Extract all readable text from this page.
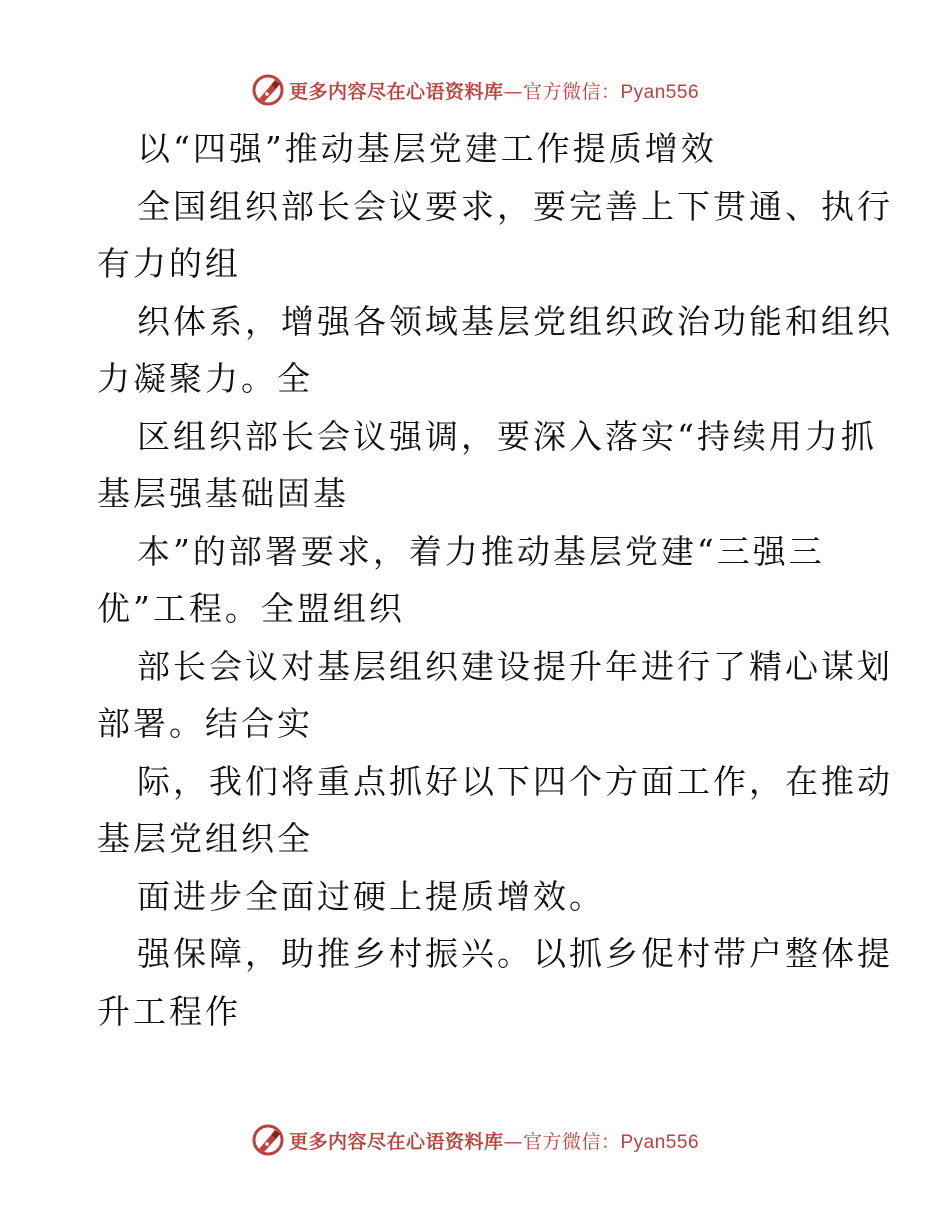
更多内容尽在心语资料库—官方微信：Pyan556
以“四强”推动基层党建工作提质增效
全国组织部长会议要求，要完善上下贯通、执行
有力的组
织体系，增强各领域基层党组织政治功能和组织
力凝聚力。全
区组织部长会议强调，要深入落实“持续用力抓
基层强基础固基
本”的部署要求，着力推动基层党建“三强三
优”工程。全盟组织
部长会议对基层组织建设提升年进行了精心谋划
部署。结合实
际，我们将重点抓好以下四个方面工作，在推动
基层党组织全
面进步全面过硬上提质增效。
强保障，助推乡村振兴。以抓乡促村带户整体提
升工程作
更多内容尽在心语资料库—官方微信：Pyan556
